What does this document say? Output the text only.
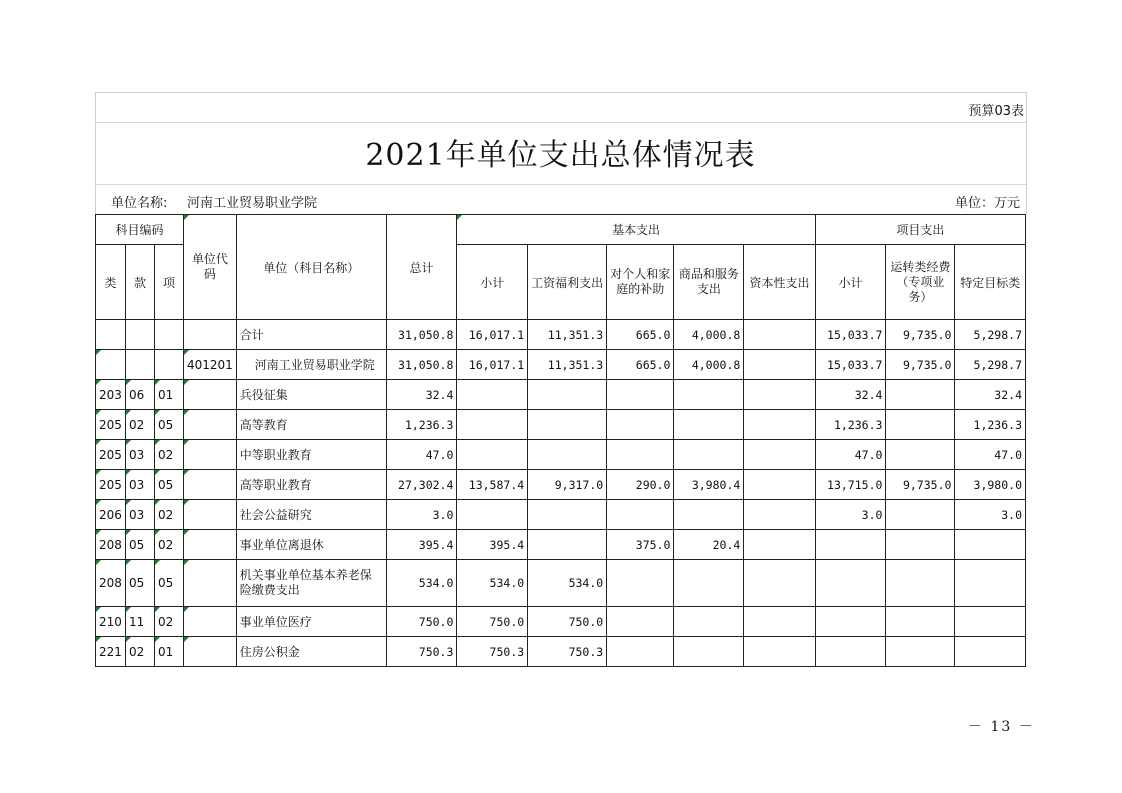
预算03表
2021年单位支出总体情况表
单位名称: 河南工业贸易职业学院	单位：万元
科目编码			单位代码	单位（科目名称）	总计	基本支出					项目支出		
类	款	项				小计	工资福利支出	对个人和家庭的补助	商品和服务支出	资本性支出	小计	运转类经费（专项业务）	特定目标类
				合计	31,050.8	16,017.1	11,351.3	665.0	4,000.8		15,033.7	9,735.0	5,298.7
			401201	河南工业贸易职业学院	31,050.8	16,017.1	11,351.3	665.0	4,000.8		15,033.7	9,735.0	5,298.7
203	06	01		兵役征集	32.4						32.4		32.4
205	02	05		高等教育	1,236.3						1,236.3		1,236.3
205	03	02		中等职业教育	47.0						47.0		47.0
205	03	05		高等职业教育	27,302.4	13,587.4	9,317.0	290.0	3,980.4		13,715.0	9,735.0	3,980.0
206	03	02		社会公益研究	3.0						3.0		3.0
208	05	02		事业单位离退休	395.4	395.4		375.0	20.4				
208	05	05		机关事业单位基本养老保险缴费支出	534.0	534.0	534.0						
210	11	02		事业单位医疗	750.0	750.0	750.0						
221	02	01		住房公积金	750.3	750.3	750.3						
－ 13 －
